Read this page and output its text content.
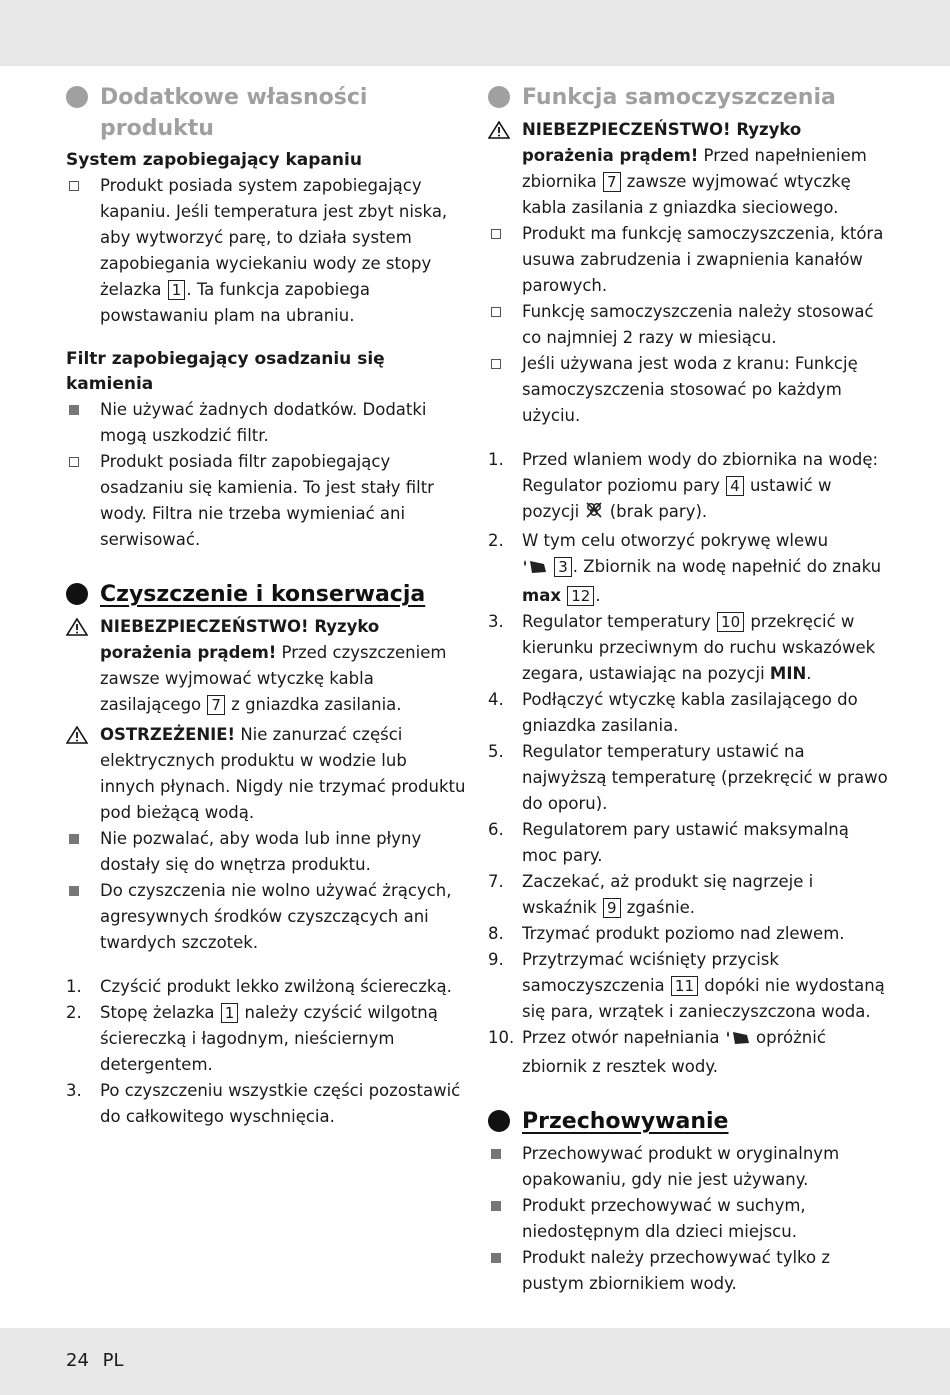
Dodatkowe własności produktu
System zapobiegający kapaniu
Produkt posiada system zapobiegający kapaniu. Jeśli temperatura jest zbyt niska, aby wytworzyć parę, to działa system zapobiegania wyciekaniu wody ze stopy żelazka 1 . Ta funkcja zapobiega powstawaniu plam na ubraniu.
Filtr zapobiegający osadzaniu się kamienia
Nie używać żadnych dodatków. Dodatki mogą uszkodzić filtr.
Produkt posiada filtr zapobiegający osadzaniu się kamienia. To jest stały filtr wody. Filtra nie trzeba wymieniać ani serwisować.
Czyszczenie i konserwacja
NIEBEZPIECZEŃSTWO! Ryzyko porażenia prądem! Przed czyszczeniem zawsze wyjmować wtyczkę kabla zasilającego 7 z gniazdka zasilania.
OSTRZEŻENIE! Nie zanurzać części elektrycznych produktu w wodzie lub innych płynach. Nigdy nie trzymać produktu pod bieżącą wodą.
Nie pozwalać, aby woda lub inne płyny dostały się do wnętrza produktu.
Do czyszczenia nie wolno używać żrących, agresywnych środków czyszczących ani twardych szczotek.
1.	Czyścić produkt lekko zwilżoną ściereczką.
2.	Stopę żelazka 1 należy czyścić wilgotną ściereczką i łagodnym, nieściernym detergentem.
3.	Po czyszczeniu wszystkie części pozostawić do całkowitego wyschnięcia.
Funkcja samoczyszczenia
NIEBEZPIECZEŃSTWO! Ryzyko porażenia prądem! Przed napełnieniem zbiornika 7 zawsze wyjmować wtyczkę kabla zasilania z gniazdka sieciowego.
Produkt ma funkcję samoczyszczenia, która usuwa zabrudzenia i zwapnienia kanałów parowych.
Funkcję samoczyszczenia należy stosować co najmniej 2 razy w miesiącu.
Jeśli używana jest woda z kranu: Funkcję samoczyszczenia stosować po każdym użyciu.
1.	Przed wlaniem wody do zbiornika na wodę: Regulator poziomu pary 4 ustawić w pozycji  (brak pary).
2.	W tym celu otworzyć pokrywę wlewu
3 . Zbiornik na wodę napełnić do znaku max 12 .
3.	Regulator temperatury 10 przekręcić w kierunku przeciwnym do ruchu wskazówek zegara, ustawiając na pozycji MIN.
4.	Podłączyć wtyczkę kabla zasilającego do gniazdka zasilania.
5.	Regulator temperatury ustawić na najwyższą temperaturę (przekręcić w prawo do oporu).
6.	Regulatorem pary ustawić maksymalną moc pary.
7.	Zaczekać, aż produkt się nagrzeje i wskaźnik 9 zgaśnie.
8.	Trzymać produkt poziomo nad zlewem.
9.	Przytrzymać wciśnięty przycisk samoczyszczenia 11 dopóki nie wydostaną się para, wrzątek i zanieczyszczona woda.
10. Przez otwór napełniania  opróżnić zbiornik z resztek wody.
Przechowywanie
Przechowywać produkt w oryginalnym opakowaniu, gdy nie jest używany.
Produkt przechowywać w suchym, niedostępnym dla dzieci miejscu.
Produkt należy przechowywać tylko z pustym zbiornikiem wody.
24 PL
